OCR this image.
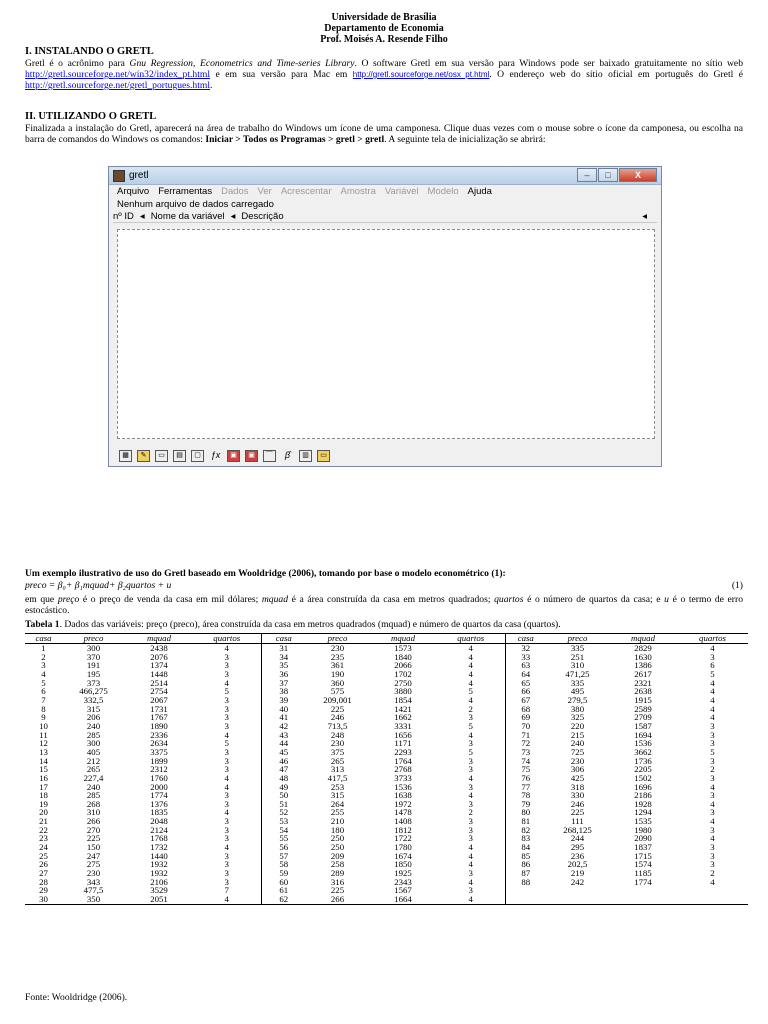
Universidade de Brasília
Departamento de Economia
Prof. Moisés A. Resende Filho
I. INSTALANDO O GRETL
Gretl é o acrônimo para Gnu Regression, Econometrics and Time-series Library. O software Gretl em sua versão para Windows pode ser baixado gratuitamente no sítio web http://gretl.sourceforge.net/win32/index_pt.html e em sua versão para Mac em http://gretl.sourceforge.net/osx_pt.html. O endereço web do sítio oficial em português do Gretl é http://gretl.sourceforge.net/gretl_portugues.html.
II. UTILIZANDO O GRETL
Finalizada a instalação do Gretl, aparecerá na área de trabalho do Windows um ícone de uma camponesa. Clique duas vezes com o mouse sobre o ícone da camponesa, ou escolha na barra de comandos do Windows os comandos: Iniciar > Todos os Programas > gretl > gretl. A seguinte tela de inicialização se abrirá:
gretl	–	□	X
Arquivo Ferramentas Dados Ver Acrescentar Amostra Variável Modelo Ajuda
Nenhum arquivo de dados carregado
nº ID ◂ Nome da variável ◂ Descrição	◂
▦	✎	▭	▤	▢	ƒx	▣	▣	⌒	β̂	▥	▭
Um exemplo ilustrativo de uso do Gretl baseado em Wooldridge (2006), tomando por base o modelo econométrico (1):
preco = β₀+ β₁mquad+ β₂quartos + u	(1)
em que preço é o preço de venda da casa em mil dólares; mquad é a área construída da casa em metros quadrados; quartos é o número de quartos da casa; e u é o termo de erro estocástico.
Tabela 1. Dados das variáveis: preço (preco), área construída da casa em metros quadrados (mquad) e número de quartos da casa (quartos).
casa	preco	mquad	quartos	casa	preco	mquad	quartos	casa	preco	mquad	quartos
1	300	2438	4	31	230	1573	4	32	335	2829	4
2	370	2076	3	34	235	1840	4	33	251	1630	3
3	191	1374	3	35	361	2066	4	63	310	1386	6
4	195	1448	3	36	190	1702	4	64	471,25	2617	5
5	373	2514	4	37	360	2750	4	65	335	2321	4
6	466,275	2754	5	38	575	3880	5	66	495	2638	4
7	332,5	2067	3	39	209,001	1854	4	67	279,5	1915	4
8	315	1731	3	40	225	1421	2	68	380	2589	4
9	206	1767	3	41	246	1662	3	69	325	2709	4
10	240	1890	3	42	713,5	3331	5	70	220	1587	3
11	285	2336	4	43	248	1656	4	71	215	1694	3
12	300	2634	5	44	230	1171	3	72	240	1536	3
13	405	3375	3	45	375	2293	5	73	725	3662	5
14	212	1899	3	46	265	1764	3	74	230	1736	3
15	265	2312	3	47	313	2768	3	75	306	2205	2
16	227,4	1760	4	48	417,5	3733	4	76	425	1502	3
17	240	2000	4	49	253	1536	3	77	318	1696	4
18	285	1774	3	50	315	1638	4	78	330	2186	3
19	268	1376	3	51	264	1972	3	79	246	1928	4
20	310	1835	4	52	255	1478	2	80	225	1294	3
21	266	2048	3	53	210	1408	3	81	111	1535	4
22	270	2124	3	54	180	1812	3	82	268,125	1980	3
23	225	1768	3	55	250	1722	3	83	244	2090	4
24	150	1732	4	56	250	1780	4	84	295	1837	3
25	247	1440	3	57	209	1674	4	85	236	1715	3
26	275	1932	3	58	258	1850	4	86	202,5	1574	3
27	230	1932	3	59	289	1925	3	87	219	1185	2
28	343	2106	3	60	316	2343	4	88	242	1774	4
29	477,5	3529	7	61	225	1567	3				
30	350	2051	4	62	266	1664	4				
Fonte: Wooldridge (2006).
